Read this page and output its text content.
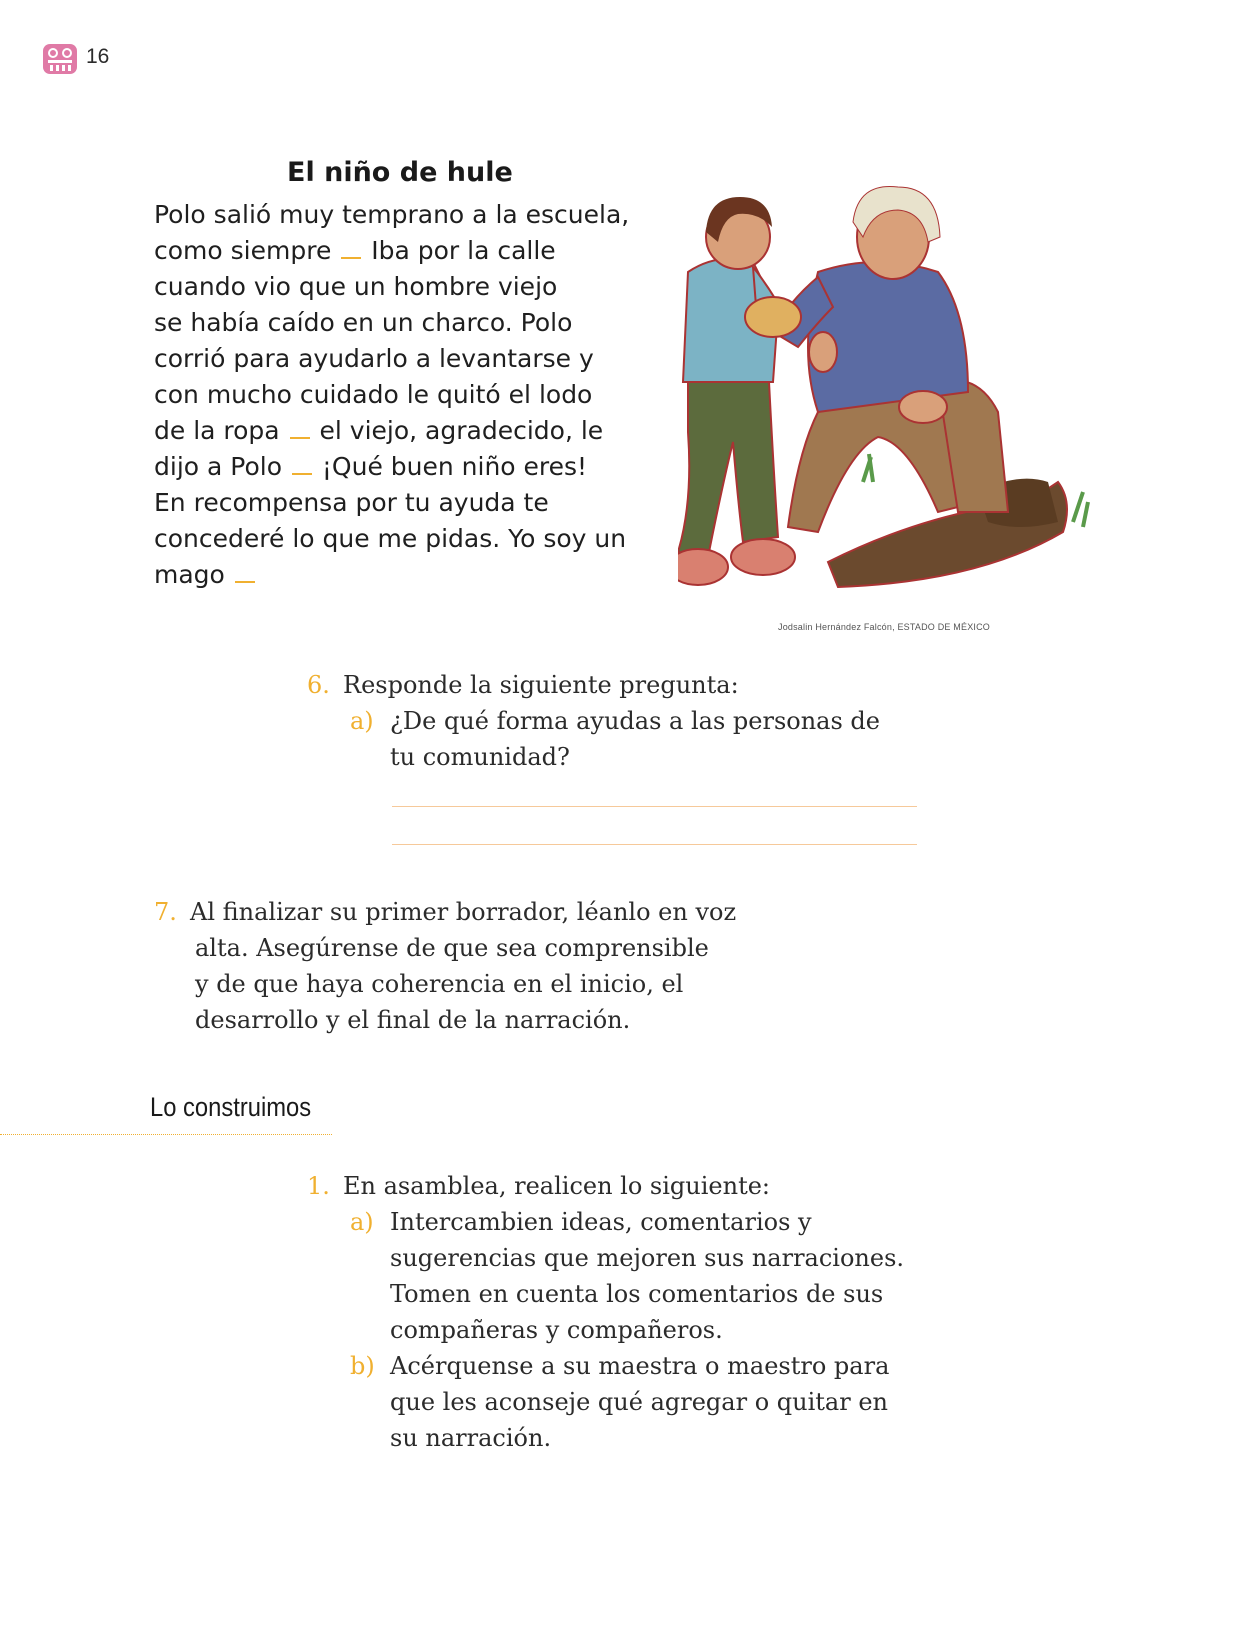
16
El niño de hule
Polo salió muy temprano a la escuela,
como siempre Iba por la calle
cuando vio que un hombre viejo
se había caído en un charco. Polo
corrió para ayudarlo a levantarse y
con mucho cuidado le quitó el lodo
de la ropa el viejo, agradecido, le
dijo a Polo ¡Qué buen niño eres!
En recompensa por tu ayuda te
concederé lo que me pidas. Yo soy un
mago
Jodsalin Hernández Falcón, ESTADO DE MÉXICO
6. Responde la siguiente pregunta:
a) ¿De qué forma ayudas a las personas de
tu comunidad?
7. Al finalizar su primer borrador, léanlo en voz
alta. Asegúrense de que sea comprensible
y de que haya coherencia en el inicio, el
desarrollo y el final de la narración.
Lo construimos
1. En asamblea, realicen lo siguiente:
a) Intercambien ideas, comentarios y
sugerencias que mejoren sus narraciones.
Tomen en cuenta los comentarios de sus
compañeras y compañeros.
b) Acérquense a su maestra o maestro para
que les aconseje qué agregar o quitar en
su narración.
